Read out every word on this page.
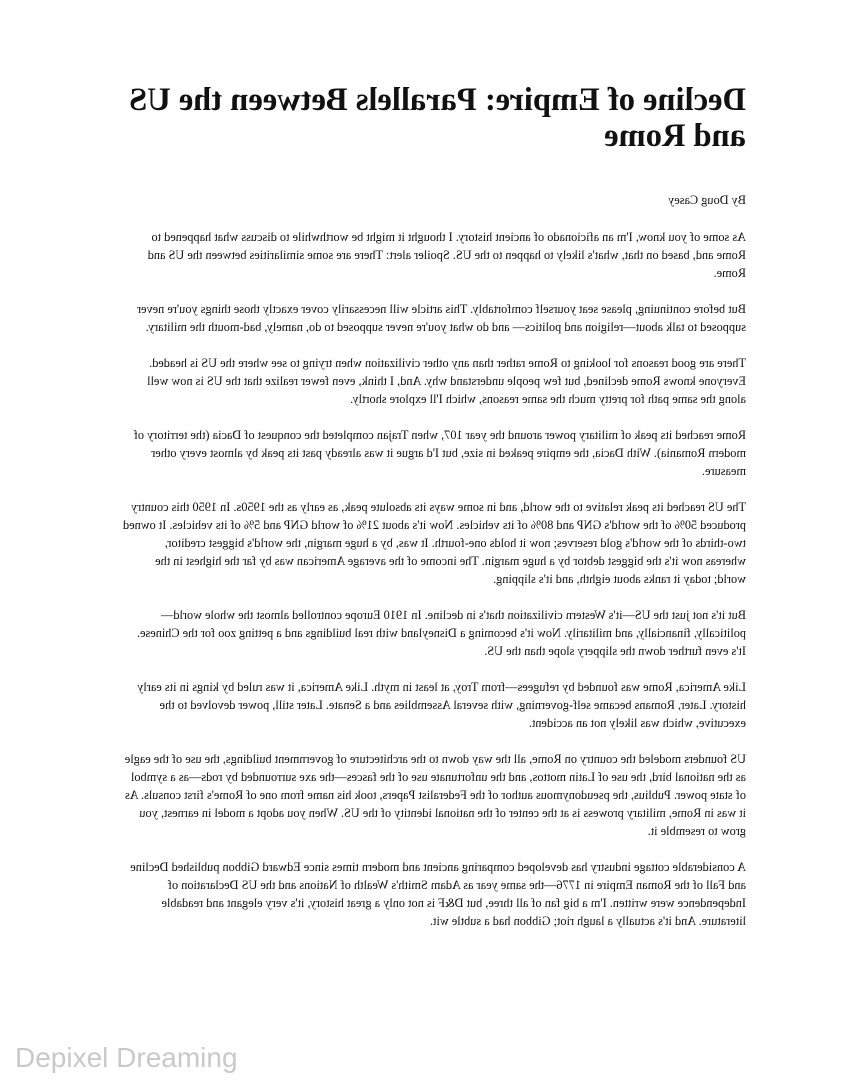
Decline of Empire: Parallels Between the US and Rome

By Doug Casey

As some of you know, I'm an aficionado of ancient history. I thought it might be worthwhile to discuss what happened to Rome and, based on that, what's likely to happen to the US. Spoiler alert: There are some similarities between the US and Rome.

But before continuing, please seat yourself comfortably. This article will necessarily cover exactly those things you're never supposed to talk about—religion and politics— and do what you're never supposed to do, namely, bad-mouth the military.

There are good reasons for looking to Rome rather than any other civilization when trying to see where the US is headed. Everyone knows Rome declined, but few people understand why. And, I think, even fewer realize that the US is now well along the same path for pretty much the same reasons, which I'll explore shortly.

Rome reached its peak of military power around the year 107, when Trajan completed the conquest of Dacia (the territory of modern Romania). With Dacia, the empire peaked in size, but I'd argue it was already past its peak by almost every other measure.

The US reached its peak relative to the world, and in some ways its absolute peak, as early as the 1950s. In 1950 this country produced 50% of the world's GNP and 80% of its vehicles. Now it's about 21% of world GNP and 5% of its vehicles. It owned two-thirds of the world's gold reserves; now it holds one-fourth. It was, by a huge margin, the world's biggest creditor, whereas now it's the biggest debtor by a huge margin. The income of the average American was by far the highest in the world; today it ranks about eighth, and it's slipping.

But it's not just the US—it's Western civilization that's in decline. In 1910 Europe controlled almost the whole world—politically, financially, and militarily. Now it's becoming a Disneyland with real buildings and a petting zoo for the Chinese. It's even further down the slippery slope than the US.

Like America, Rome was founded by refugees—from Troy, at least in myth. Like America, it was ruled by kings in its early history. Later, Romans became self-governing, with several Assemblies and a Senate. Later still, power devolved to the executive, which was likely not an accident.

US founders modeled the country on Rome, all the way down to the architecture of government buildings, the use of the eagle as the national bird, the use of Latin mottos, and the unfortunate use of the fasces—the axe surrounded by rods—as a symbol of state power. Publius, the pseudonymous author of the Federalist Papers, took his name from one of Rome's first consuls. As it was in Rome, military prowess is at the center of the national identity of the US. When you adopt a model in earnest, you grow to resemble it.

A considerable cottage industry has developed comparing ancient and modern times since Edward Gibbon published Decline and Fall of the Roman Empire in 1776—the same year as Adam Smith's Wealth of Nations and the US Declaration of Independence were written. I'm a big fan of all three, but D&F is not only a great history, it's very elegant and readable literature. And it's actually a laugh riot; Gibbon had a subtle wit.

Depixel Dreaming
